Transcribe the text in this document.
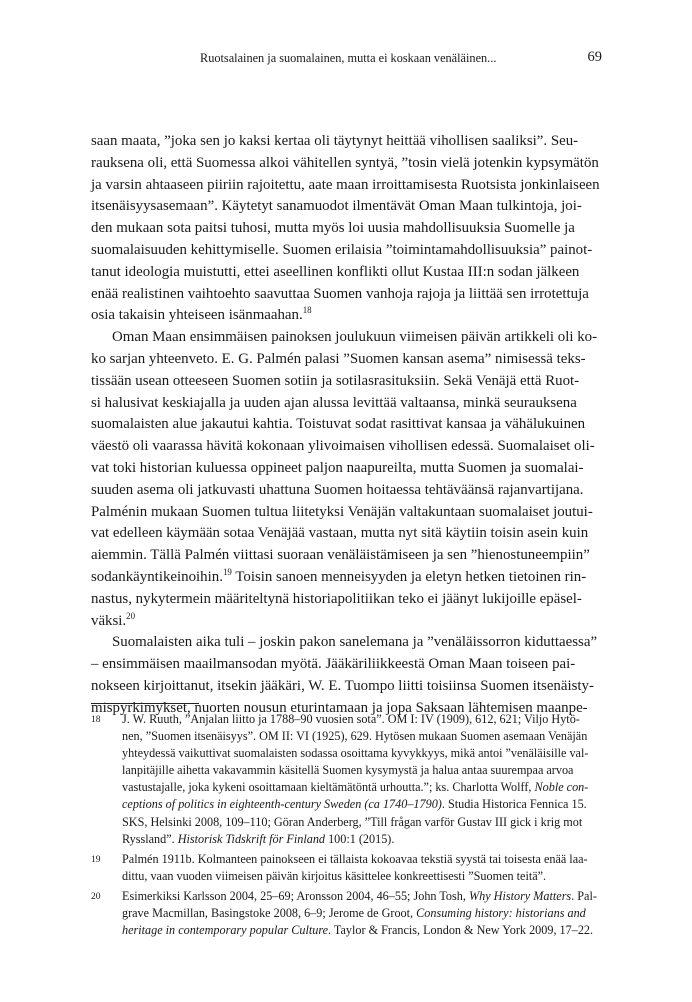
Ruotsalainen ja suomalainen, mutta ei koskaan venäläinen...	69

saan maata, ”joka sen jo kaksi kertaa oli täytynyt heittää vihollisen saaliksi”. Seu-
rauksena oli, että Suomessa alkoi vähitellen syntyä, ”tosin vielä jotenkin kypsymätön
ja varsin ahtaaseen piiriin rajoitettu, aate maan irroittamisesta Ruotsista jonkinlaiseen
itsenäisyysasemaan”. Käytetyt sanamuodot ilmentävät Oman Maan tulkintoja, joi-
den mukaan sota paitsi tuhosi, mutta myös loi uusia mahdollisuuksia Suomelle ja
suomalaisuuden kehittymiselle. Suomen erilaisia ”toimintamahdollisuuksia” painot-
tanut ideologia muistutti, ettei aseellinen konflikti ollut Kustaa III:n sodan jälkeen
enää realistinen vaihtoehto saavuttaa Suomen vanhoja rajoja ja liittää sen irrotettuja
osia takaisin yhteiseen isänmaahan.$^{18}$

Oman Maan ensimmäisen painoksen joulukuun viimeisen päivän artikkeli oli ko-
ko sarjan yhteenveto. E. G. Palmén palasi ”Suomen kansan asema” nimisessä teks-
tissään usean otteeseen Suomen sotiin ja sotilasrasituksiin. Sekä Venäjä että Ruot-
si halusivat keskiajalla ja uuden ajan alussa levittää valtaansa, minkä seurauksena
suomalaisten alue jakautui kahtia. Toistuvat sodat rasittivat kansaa ja vähälukuinen
väestö oli vaarassa hävitä kokonaan ylivoimaisen vihollisen edessä. Suomalaiset oli-
vat toki historian kuluessa oppineet paljon naapureilta, mutta Suomen ja suomalai-
suuden asema oli jatkuvasti uhattuna Suomen hoitaessa tehtäväänsä rajanvartijana.
Palménin mukaan Suomen tultua liitetyksi Venäjän valtakuntaan suomalaiset joutui-
vat edelleen käymään sotaa Venäjää vastaan, mutta nyt sitä käytiin toisin asein kuin
aiemmin. Tällä Palmén viittasi suoraan venäläistämiseen ja sen ”hienostuneempiin”
sodankäyntikeinoihin.$^{19}$ Toisin sanoen menneisyyden ja eletyn hetken tietoinen rin-
nastus, nykytermein määriteltynä historiapolitiikan teko ei jäänyt lukijoille epäsel-
väksi.$^{20}$

Suomalaisten aika tuli – joskin pakon sanelemana ja ”venäläissorron kiduttaessa”
– ensimmäisen maailmansodan myötä. Jääkäriliikkeestä Oman Maan toiseen pai-
nokseen kirjoittanut, itsekin jääkäri, W. E. Tuompo liitti toisiinsa Suomen itsenäisty-
mispyrkimykset, nuorten nousun eturintamaan ja jopa Saksaan lähtemisen maanpe-

18 J. W. Ruuth, ”Anjalan liitto ja 1788–90 vuosien sota”. OM I: IV (1909), 612, 621; Viljo Hytö-
nen, ”Suomen itsenäisyys”. OM II: VI (1925), 629. Hytösen mukaan Suomen asemaan Venäjän
yhteydessä vaikuttivat suomalaisten sodassa osoittama kyvykkyys, mikä antoi ”venäläisille val-
lanpitäjille aihetta vakavammin käsitellä Suomen kysymystä ja halua antaa suurempaa arvoa
vastustajalle, joka kykeni osoittamaan kieltämätöntä urhoutta.”; ks. Charlotta Wolff, Noble con-
ceptions of politics in eighteenth-century Sweden (ca 1740–1790). Studia Historica Fennica 15.
SKS, Helsinki 2008, 109–110; Göran Anderberg, ”Till frågan varför Gustav III gick i krig mot
Ryssland”. Historisk Tidskrift för Finland 100:1 (2015).
19 Palmén 1911b. Kolmanteen painokseen ei tällaista kokoavaa tekstiä syystä tai toisesta enää laa-
dittu, vaan vuoden viimeisen päivän kirjoitus käsittelee konkreettisesti ”Suomen teitä”.
20 Esimerkiksi Karlsson 2004, 25–69; Aronsson 2004, 46–55; John Tosh, Why History Matters. Pal-
grave Macmillan, Basingstoke 2008, 6–9; Jerome de Groot, Consuming history: historians and
heritage in contemporary popular Culture. Taylor & Francis, London & New York 2009, 17–22.
